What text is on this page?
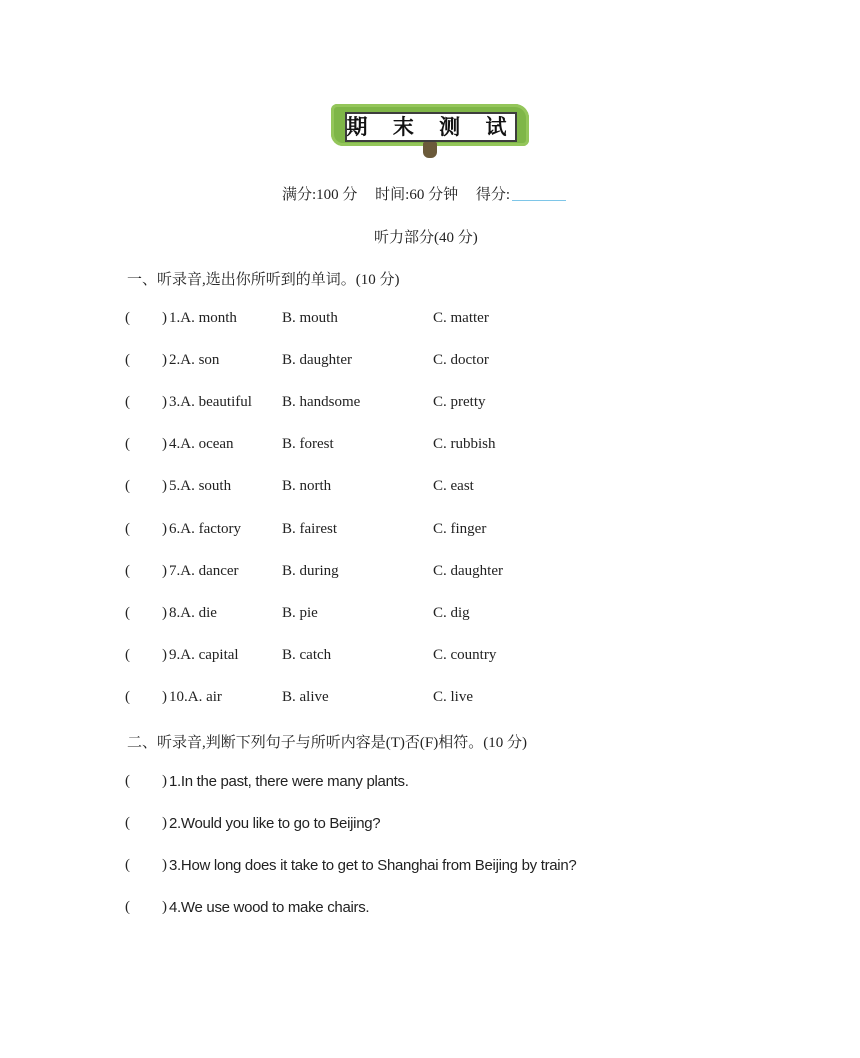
期 末 测 试
满分:100 分 时间:60 分钟 得分:
听力部分(40 分)
一、听录音,选出你所听到的单词。(10 分)
( ) 1.A. month	B. mouth	C. matter
( ) 2.A. son	B. daughter	C. doctor
( ) 3.A. beautiful B. handsome	C. pretty
( ) 4.A. ocean	B. forest	C. rubbish
( ) 5.A. south	B. north	C. east
( ) 6.A. factory	B. fairest	C. finger
( ) 7.A. dancer	B. during	C. daughter
( ) 8.A. die	B. pie	C. dig
( ) 9.A. capital	B. catch	C. country
( ) 10.A. air	B. alive	C. live
二、听录音,判断下列句子与所听内容是(T)否(F)相符。(10 分)
( ) 1.In the past, there were many plants.
( ) 2.Would you like to go to Beijing?
( ) 3.How long does it take to get to Shanghai from Beijing by train?
( ) 4.We use wood to make chairs.
